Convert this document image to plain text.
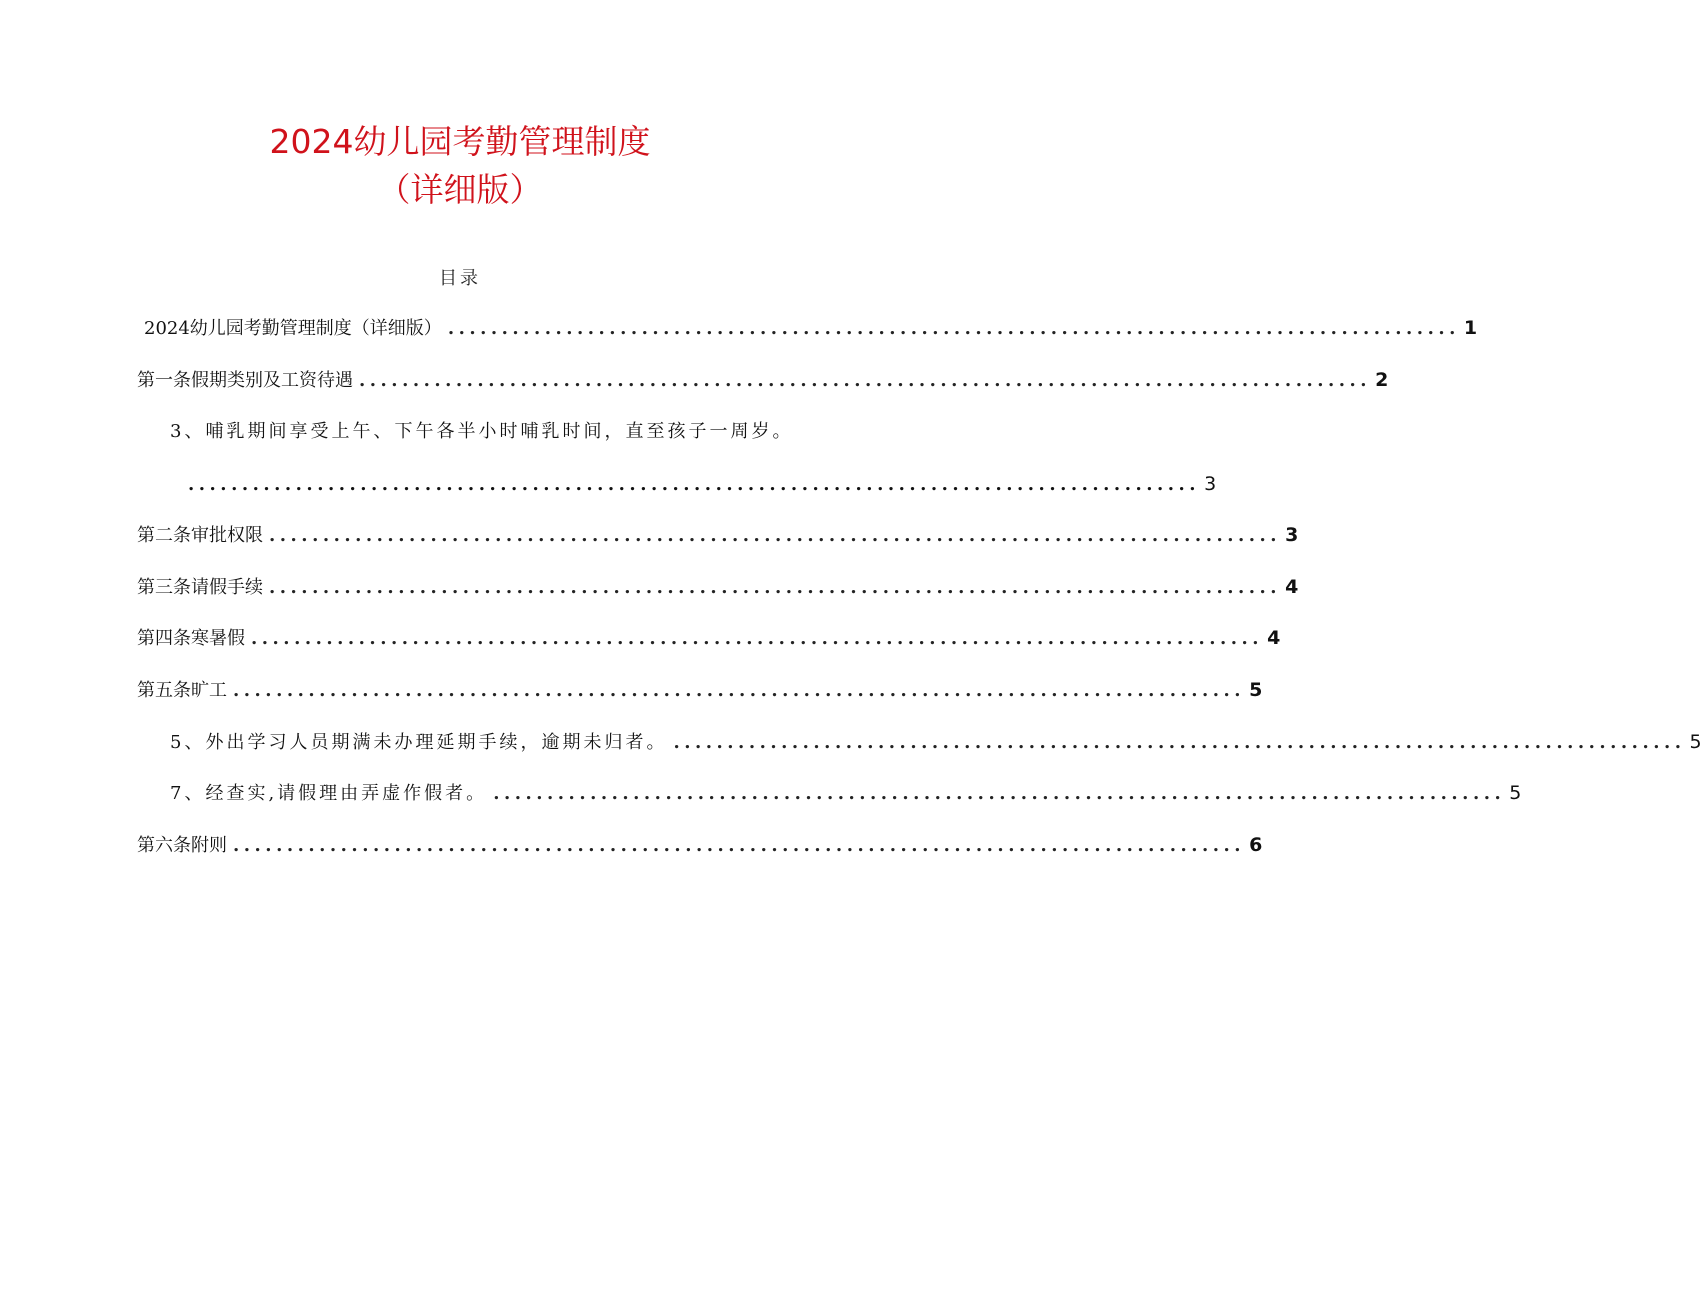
2024幼儿园考勤管理制度
（详细版）
目录
2024幼儿园考勤管理制度（详细版） .............................................................................................. 1
第一条假期类别及工资待遇 .............................................................................................. 2
3、哺乳期间享受上午、下午各半小时哺乳时间，直至孩子一周岁。
.............................................................................................. 3
第二条审批权限 .............................................................................................. 3
第三条请假手续 .............................................................................................. 4
第四条寒暑假 .............................................................................................. 4
第五条旷工 .............................................................................................. 5
5、外出学习人员期满未办理延期手续，逾期未归者。 .............................................................................................. 5
7、经查实,请假理由弄虚作假者。 .............................................................................................. 5
第六条附则 .............................................................................................. 6
